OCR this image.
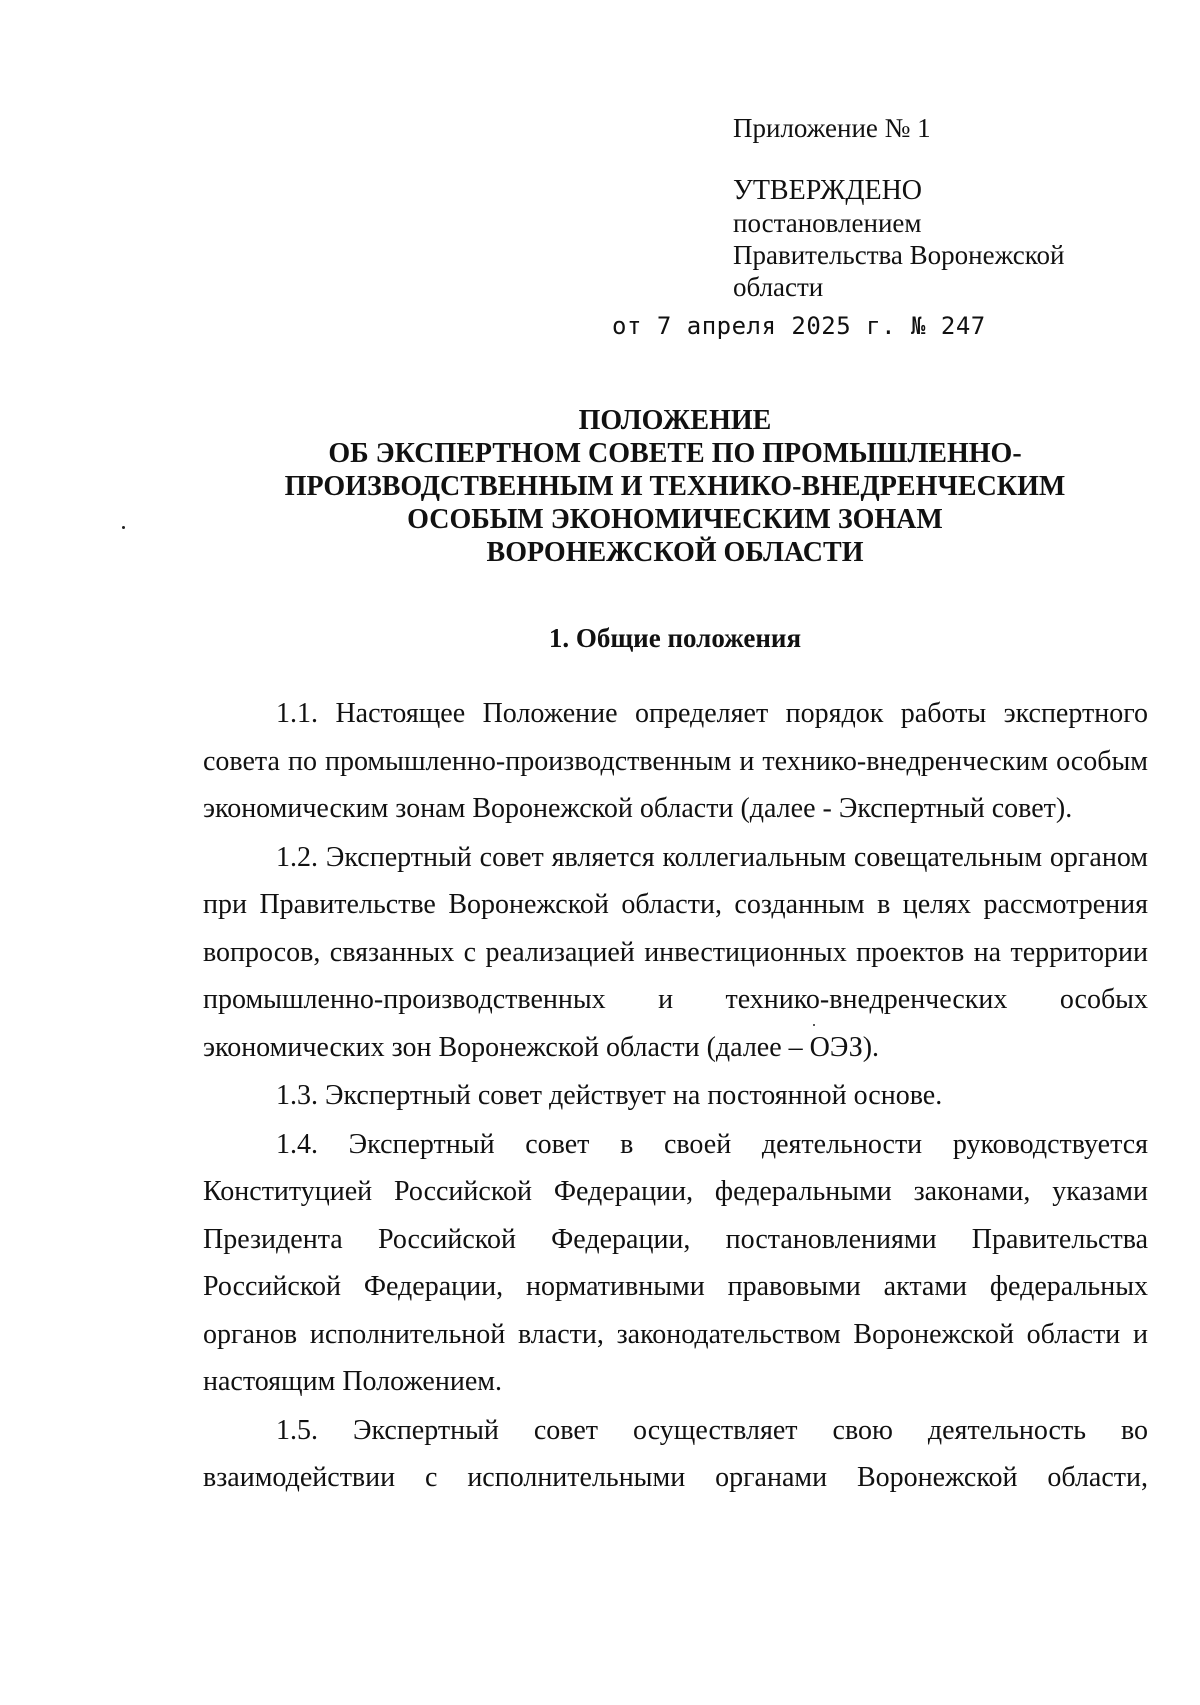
Приложение № 1
УТВЕРЖДЕНО
постановлением
Правительства Воронежской
области
от 7 апреля 2025 г. № 247
ПОЛОЖЕНИЕ
ОБ ЭКСПЕРТНОМ СОВЕТЕ ПО ПРОМЫШЛЕННО-
ПРОИЗВОДСТВЕННЫМ И ТЕХНИКО-ВНЕДРЕНЧЕСКИМ
ОСОБЫМ ЭКОНОМИЧЕСКИМ ЗОНАМ
ВОРОНЕЖСКОЙ ОБЛАСТИ
1. Общие положения

1.1. Настоящее Положение определяет порядок работы экспертного совета по промышленно-производственным и технико-внедренческим особым экономическим зонам Воронежской области (далее - Экспертный совет).

1.2. Экспертный совет является коллегиальным совещательным органом при Правительстве Воронежской области, созданным в целях рассмотрения вопросов, связанных с реализацией инвестиционных проектов на территории промышленно-производственных и технико-внедренческих особых экономических зон Воронежской области (далее – ОЭЗ).

1.3. Экспертный совет действует на постоянной основе.

1.4. Экспертный совет в своей деятельности руководствуется Конституцией Российской Федерации, федеральными законами, указами Президента Российской Федерации, постановлениями Правительства Российской Федерации, нормативными правовыми актами федеральных органов исполнительной власти, законодательством Воронежской области и настоящим Положением.

1.5. Экспертный совет осуществляет свою деятельность во взаимодействии с исполнительными органами Воронежской области,
